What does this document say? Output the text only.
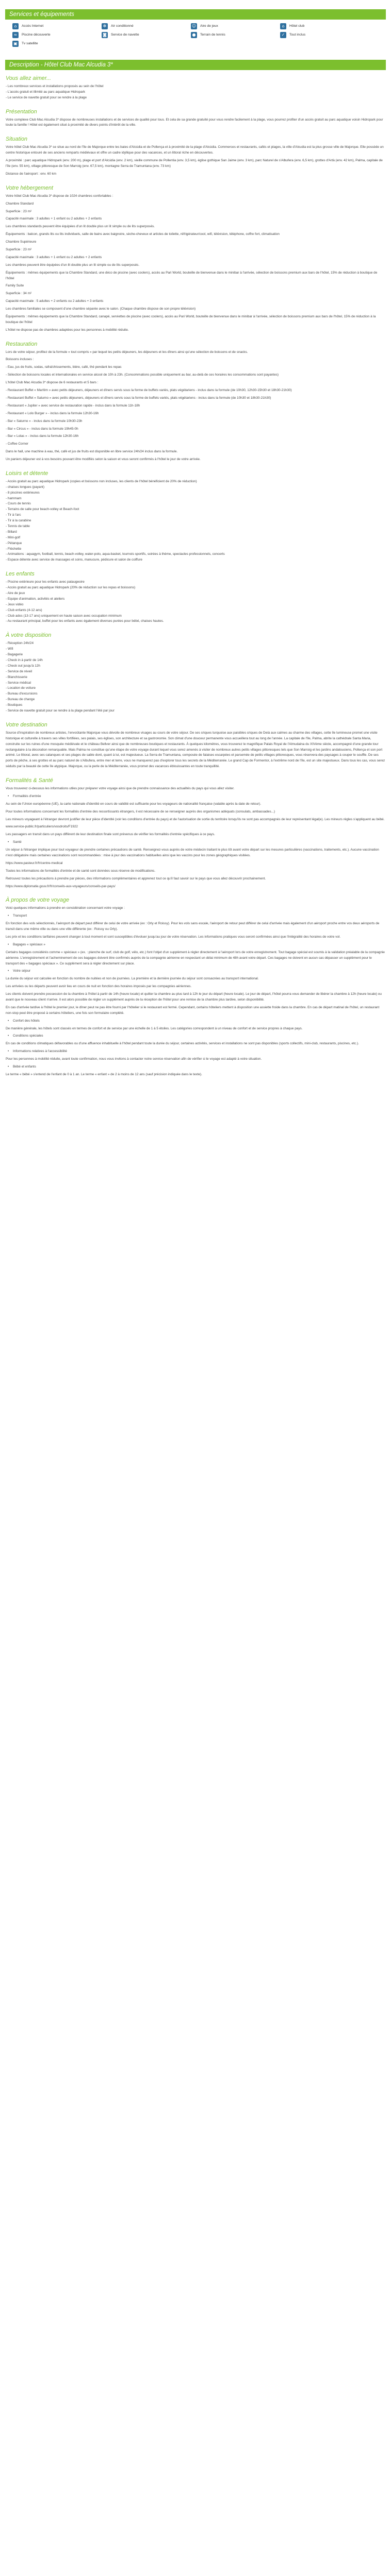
Services et équipements
⌂	Accès Internet	✻	Air conditionné	☺ Aire de jeux	⌂	Hôtel club
≈	Piscine découverte	◙	Service de navette	●	Terrain de tennis	✓	Tout inclus
▣	Tv satellite
Description - Hôtel Club Mac Alcudia 3*
Vous allez aimer...
- Les nombreux services et installations proposés au sein de l'hôtel
- L'accès gratuit et illimité au parc aquatique Hidropark
- Le service de navette gratuit pour se rendre à la plage
Présentation

Votre complexe Club Mac Alcudia 3* dispose de nombreuses installations et de services de qualité pour tous. Et cela de sa grande gratuité pour vous rendre facilement à la plage, vous pourrez profiter d'un accès gratuit au parc aquatique voisin Hidropark pour toute la famille ! Hôtel est également situé à proximité de divers points d'intérêt de la ville.

Situation

Votre hôtel Club Mac Alcudia 3* se situe au nord de l'île de Majorque entre les baies d'Alcúdia et de Pollença et à proximité de la plage d'Alcúdia. Commerces et restaurants, cafés et plages, la ville d'Alcudia est la plus grosse ville de Majorque. Elle possède un centre historique entouré de ses anciens remparts médiévaux et offre un cadre idyllique pour des vacances, et un littoral riche en découvertes.

A proximité : parc aquatique Hidropark (env. 200 m), plage et port d'Alcúdia (env. 2 km), vieille commune de Pollentia (env. 3,5 km), église gothique San Jaime (env. 3 km), parc Naturel de s'Albufera (env. 6,5 km), grottes d'Artà (env. 42 km), Palma, capitale de l'île (env. 55 km), village pittoresque de Son Marroig (env. 67,5 km), montagne Serra de Tramuntana (env. 73 km)

Distance de l'aéroport : env. 60 km

Votre hébergement

Votre hôtel Club Mac Alcudia 3* dispose de 1024 chambres confortables :

Chambre Standard

Superficie : 23 m²

Capacité maximale : 3 adultes + 1 enfant ou 2 adultes + 2 enfants

Les chambres standards peuvent être équipées d'un lit double plus un lit simple ou de lits superposés.

Équipements : balcon, grands lits ou lits individuels, salle de bains avec baignoire, sèche-cheveux et articles de toilette, réfrigérateur/cool, wifi, télévision, téléphone, coffre fort, climatisation

Chambre Supérieure

Superficie : 23 m²

Capacité maximale : 3 adultes + 1 enfant ou 2 adultes + 2 enfants

Les chambres peuvent être équipées d'un lit double plus un lit simple ou de lits superposés.

Équipements : mêmes équipements que la Chambre Standard, une déco de piscine (avec coolers), accès au Pari World, bouteille de bienvenue dans le minibar à l'arrivée, sélection de boissons premium aux bars de l'hôtel, 15% de réduction à boutique de l'hôtel

Family Suite

Superficie : 34 m²

Capacité maximale : 5 adultes + 2 enfants ou 2 adultes + 3 enfants

Les chambres familiales se composent d'une chambre séparée avec le salon. (Chaque chambre dispose de son propre télévision)

Équipements : mêmes équipements que la Chambre Standard, canapé, serviettes de piscine (avec coolers), accès au Pari World, bouteille de bienvenue dans le minibar à l'arrivée, sélection de boissons premium aux bars de l'hôtel, 15% de réduction à la boutique de l'hôtel

L'hôtel ne dispose pas de chambres adaptées pour les personnes à mobilité réduite.

Restauration

Lors de votre séjour, profitez de la formule « tout compris » par lequel les petits déjeuners, les déjeuners et les dîners ainsi qu'une sélection de boissons et de snacks.

Boissons incluses :

- Eau, jus de fruits, sodas, rafraîchissements, bière, café, thé pendant les repas

- Sélection de boissons locales et internationales en service alcool de 10h à 23h. (Consommations possible uniquement au bar, au-delà de ces horaires les consommations sont payantes)

L'hôtel Club Mac Alcudia 3* dispose de 6 restaurants et 5 bars :

- Restaurant Buffet « Marítim » avec petits déjeuners, déjeuners et dîners servis sous la forme de buffets variés, plats végétariens - inclus dans la formule (de 10h30, 12h30-15h30 et 18h30-21h30)

- Restaurant Buffet « Saturno » avec petits déjeuners, déjeuners et dîners servis sous la forme de buffets variés, plats végétariens - inclus dans la formule (de 10h30 et 18h30-21h30)

- Restaurant « Jupiter » avec service de restauration rapide - inclus dans la formule 11h-18h

- Restaurant « Lolo Burger » - inclus dans la formule 12h30-16h

- Bar « Saturno » - inclus dans la formule 10h30-23h

- Bar « Circus » - inclus dans la formule 19h45-0h

- Bar « Lolas » - inclus dans la formule 12h30-16h

- Coffee Corner

Dans le hall, une machine à eau, thé, café et jus de fruits est disponible en libre service 24h/24 inclus dans la formule.

Un paniers déjeuner est à vos besoins pouvant être modifiés selon la saison et vous seront confirmés à l'hôtel le jour de votre arrivée.

Loisirs et détente
- Accès gratuit au parc aquatique Hidropark (copies et boissons non incluses, les clients de l'hôtel bénéficient de 20% de réduction)
- chaises longues (payant)
- 8 piscines extérieures
- hammam
- Cours de tennis
- Terrains de salle pour beach-volley et Beach-foot
- Tir à l'arc
- Tir à la carabine
- Tennis de table
- Billard
- Mini-golf
- Pétanque
- Fléchette
- Animations : aquagym, football, tennis, beach-volley, water-polo, aqua-basket, tournois sportifs, soirées à thème, spectacles professionnels, concerts
- Espace détente avec service de massages et soins, manucure, pédicure et salon de coiffure
Les enfants
- Piscine extérieure pour les enfants avec pataugeoire
- Accès gratuit au parc aquatique Hidropark (20% de réduction sur les repas et boissons)
- Aire de jeux
- Equipe d'animation, activités et ateliers
- Jeux vidéo
- Club enfants (4-12 ans)
- Club ados (13-17 ans) uniquement en haute saison avec occupation minimum
- Au restaurant principal, buffet pour les enfants avec également diverses purées pour bébé, chaises hautes.
À votre disposition
- Réception 24h/24
- Wifi
- Bagagerie
- Check in à partir de 14h
- Check out jusqu'à 12h
- Service de réveil
- Blanchisserie
- Service médical
- Location de voiture
- Bureau d'excursions
- Bureau de change
- Boutiques
- Service de navette gratuit pour se rendre à la plage pendant l'été par jour
Votre destination

Source d'inspiration de nombreux artistes, l'envoûtante Majorque vous dévoile de nombreux visages au cours de votre séjour. De ses criques turquoise aux paisibles criques de Deià aux calmes au charme des villages, cette île lumineuse promet une visite historique et culturelle à travers ses villes fortifiées, ses palais, ses églises, son architecture et sa gastronomie. Son climat d'une douceur permanente vous accueillera tout au long de l'année. La capitale de l'île, Palma, abrite la cathédrale Santa Maria, construite sur les ruines d'une mosquée médiévale et le château Bellver ainsi que de nombreuses boutiques et restaurants. À quelques kilomètres, vous trouverez le magnifique Palais Royal de l'Almudaina du XIVème siècle, accompagné d'une grande tour rectangulaire à la décoration remarquable. Mais Palma ne constitue qu'une étape de votre voyage durant lequel vous serez amenés à visiter de nombreux autres petits villages pittoresques tels que Son Marroig et les jardins andalousiens, Pollença et son port animé. Le littoral, avec ses calanques et ses plages de sable doré, quant à lui, est majestueux. La Serra de Tramuntana, composée de falaises escarpées et parsemée de petits villages pittoresques, vous réservera des paysages à couper le souffle. De ses ports de pêche, à ses grottes et au parc naturel de s'Albufera, entre mer et terre, vous ne manquerez pas d'explorer tous les secrets de la Méditerranée. Le grand Cap de Formentor, à l'extrême nord de l'île, est un site majestueux. Dans tous les cas, vous serez séduits par la beauté de cette île atypique. Majorque, ou la perle de la Méditerranée, vous promet des vacances éblouissantes en toute tranquillité.

Formalités & Santé

Vous trouverez ci-dessous les informations utiles pour préparer votre voyage ainsi que de prendre connaissance des actualités du pays qui vous allez visiter.

• Formalités d'entrée

Au sein de l'Union européenne (UE), la carte nationale d'identité en cours de validité est suffisante pour les voyageurs de nationalité française (valable après la date de retour).

Pour toutes informations concernant les formalités d'entrée des ressortissants étrangers, il est nécessaire de se renseigner auprès des organismes adéquats (consulats, ambassades...)

Les mineurs voyageant à l'étranger devront justifier de leur pièce d'identité (voir les conditions d'entrée du pays) et de l'autorisation de sortie du territoire lorsqu'ils ne sont pas accompagnés de leur représentant légal(e). Les mineurs règles s'appliquent au bébé.

www.service-public.fr/particuliers/vosdroits/F1922

Les passagers en transit dans un pays différent de leur destination finale sont prévenus de vérifier les formalités d'entrée spécifiques à ce pays.

• Santé

Un séjour à l'étranger implique pour tout voyageur de prendre certaines précautions de santé. Renseignez-vous auprès de votre médecin traitant le plus tôt avant votre départ sur les mesures particulières (vaccinations, traitements, etc.). Aucune vaccination n'est obligatoire mais certaines vaccinations sont recommandées : mise à jour des vaccinations habituelles ainsi que les vaccins pour les zones géographiques visitées.

https://www.pasteur.fr/fr/centre-medical

Toutes les informations de formalités d'entrée et de santé sont données sous réserve de modifications.

Retrouvez toutes les précautions à prendre par pièces, des informations complémentaires et apprenez tout ce qu'il faut savoir sur le pays que vous allez découvrir prochainement.

https://www.diplomatie.gouv.fr/fr/conseils-aux-voyageurs/conseils-par-pays/

À propos de votre voyage

Voici quelques informations à prendre en considération concernant votre voyage :

• Transport

En fonction des vols sélectionnés, l'aéroport de départ peut différer de celui de votre arrivée (ex : Orly et Roissy). Pour les vols sans escale, l'aéroport de retour peut différer de celui d'arrivée mais également d'un aéroport proche entre vos deux aéroports de transit dans une même ville ou dans une ville différente (ex : Roissy ou Orly).

Les prix et les conditions tarifaires peuvent changer à tout moment et sont susceptibles d'évoluer jusqu'au jour de votre réservation. Les informations pratiques vous seront confirmées ainsi que l'intégralité des horaires de votre vol.

• Bagages « spéciaux »

Certains bagages considérés comme « spéciaux » (ex. : planche de surf, club de golf, vélo, etc.) font l'objet d'un supplément à régler directement à l'aéroport lors de votre enregistrement. Tout bagage spécial est soumis à la validation préalable de la compagnie aérienne. L'enregistrement et l'acheminement de ces bagages doivent être confirmés auprès de la compagnie aérienne en respectant un délai minimum de 48h avant votre départ. Ces bagages ne doivent en aucun cas dépasser un supplément pour le transport des « bagages spéciaux ». Ce supplément sera à régler directement sur place.

• Votre séjour

La durée du séjour est calculée en fonction du nombre de nuitées et non de journées. La première et la dernière journée du séjour sont consacrées au transport international.

Les arrivées ou les départs peuvent avoir lieu en cours de nuit en fonction des horaires imposés par les compagnies aériennes.

Les clients doivent prendre possession de la chambre à l'hôtel à partir de 14h (heure locale) et quitter la chambre au plus tard à 12h le jour du départ (heure locale). Le jour de départ, l'hôtel pourra vous demander de libérer la chambre à 12h (heure locale) ou avant que le nouveau client n'arrive. Il est alors possible de régler un supplément auprès de la réception de l'hôtel pour une remise de la chambre plus tardive, selon disponibilité.

En cas d'arrivée tardive à l'hôtel le premier jour, le dîner peut ne pas être fourni par l'hôtelier si le restaurant est fermé. Cependant, certains hôteliers mettent à disposition une assiette froide dans la chambre. En cas de départ matinal de l'hôtel, un restaurant non-stop peut être proposé à certains hôteliers, une fois son formulaire complété.

• Confort des hôtels

De manière générale, les hôtels sont classés en termes de confort et de service par une échelle de 1 à 5 étoiles. Les catégories correspondent à un niveau de confort et de service propres à chaque pays.

• Conditions spéciales

En cas de conditions climatiques défavorables ou d'une affluence inhabituelle à l'hôtel pendant toute la durée du séjour, certaines activités, services et installations ne sont pas disponibles (sports collectifs, mini-club, restaurants, piscines, etc.).

• Informations relatives à l'accessibilité

Pour les personnes à mobilité réduite, avant toute confirmation, nous vous invitons à contacter notre service réservation afin de vérifier si le voyage est adapté à votre situation.

• Bébé et enfants

Le terme « bébé » s'entend de l'enfant de 0 à 1 an. Le terme « enfant » de 2 à moins de 12 ans (sauf précision indiquée dans le texte).
